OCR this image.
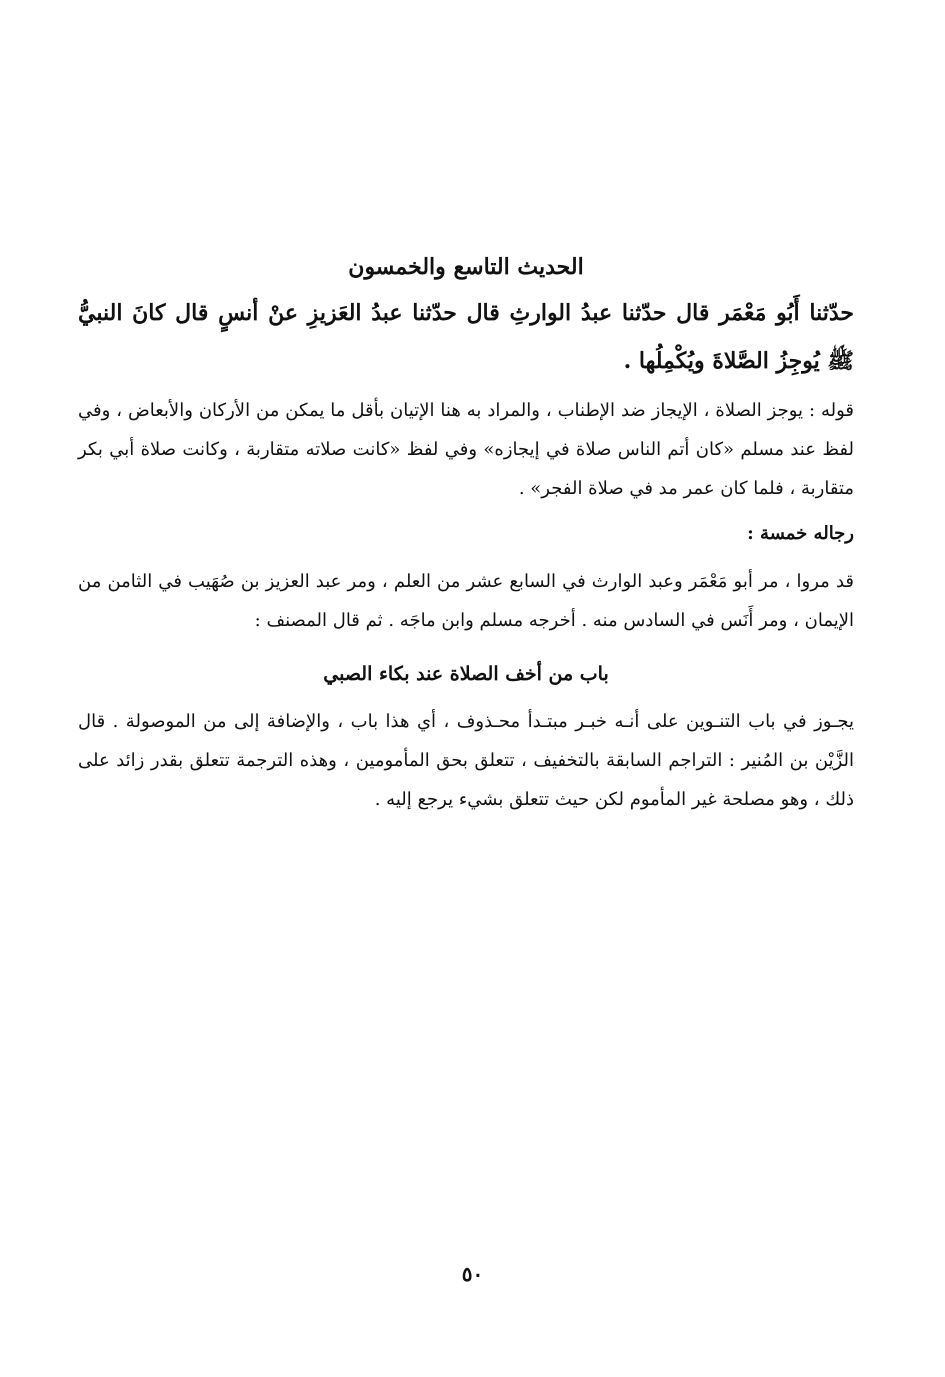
الحديث التاسع والخمسون

حدّثنا أَبُو مَعْمَر قال حدّثنا عبدُ الوارثِ قال حدّثنا عبدُ العَزيزِ عنْ أنسٍ قال كانَ النبيُّ ﷺ يُوجِزُ الصَّلاةَ ويُكْمِلُها .

قوله : يوجز الصلاة ، الإيجاز ضد الإطناب ، والمراد به هنا الإتيان بأقل ما يمكن من الأركان والأبعاض ، وفي لفظ عند مسلم «كان أتم الناس صلاة في إيجازه» وفي لفظ «كانت صلاته متقاربة ، وكانت صلاة أبي بكر متقاربة ، فلما كان عمر مد في صلاة الفجر» .

رجاله خمسة :

قد مروا ، مر أبو مَعْمَر وعبد الوارث في السابع عشر من العلم ، ومر عبد العزيز بن صُهَيب في الثامن من الإيمان ، ومر أَنَس في السادس منه . أخرجه مسلم وابن ماجَه . ثم قال المصنف :

باب من أخف الصلاة عند بكاء الصبي

يجـوز في باب التنـوين على أنـه خبـر مبتـدأ محـذوف ، أي هذا باب ، والإضافة إلى من الموصولة . قال الزَّيْن بن المُنير : التراجم السابقة بالتخفيف ، تتعلق بحق المأمومين ، وهذه الترجمة تتعلق بقدر زائد على ذلك ، وهو مصلحة غير المأموم لكن حيث تتعلق بشيء يرجع إليه .

٥٠
